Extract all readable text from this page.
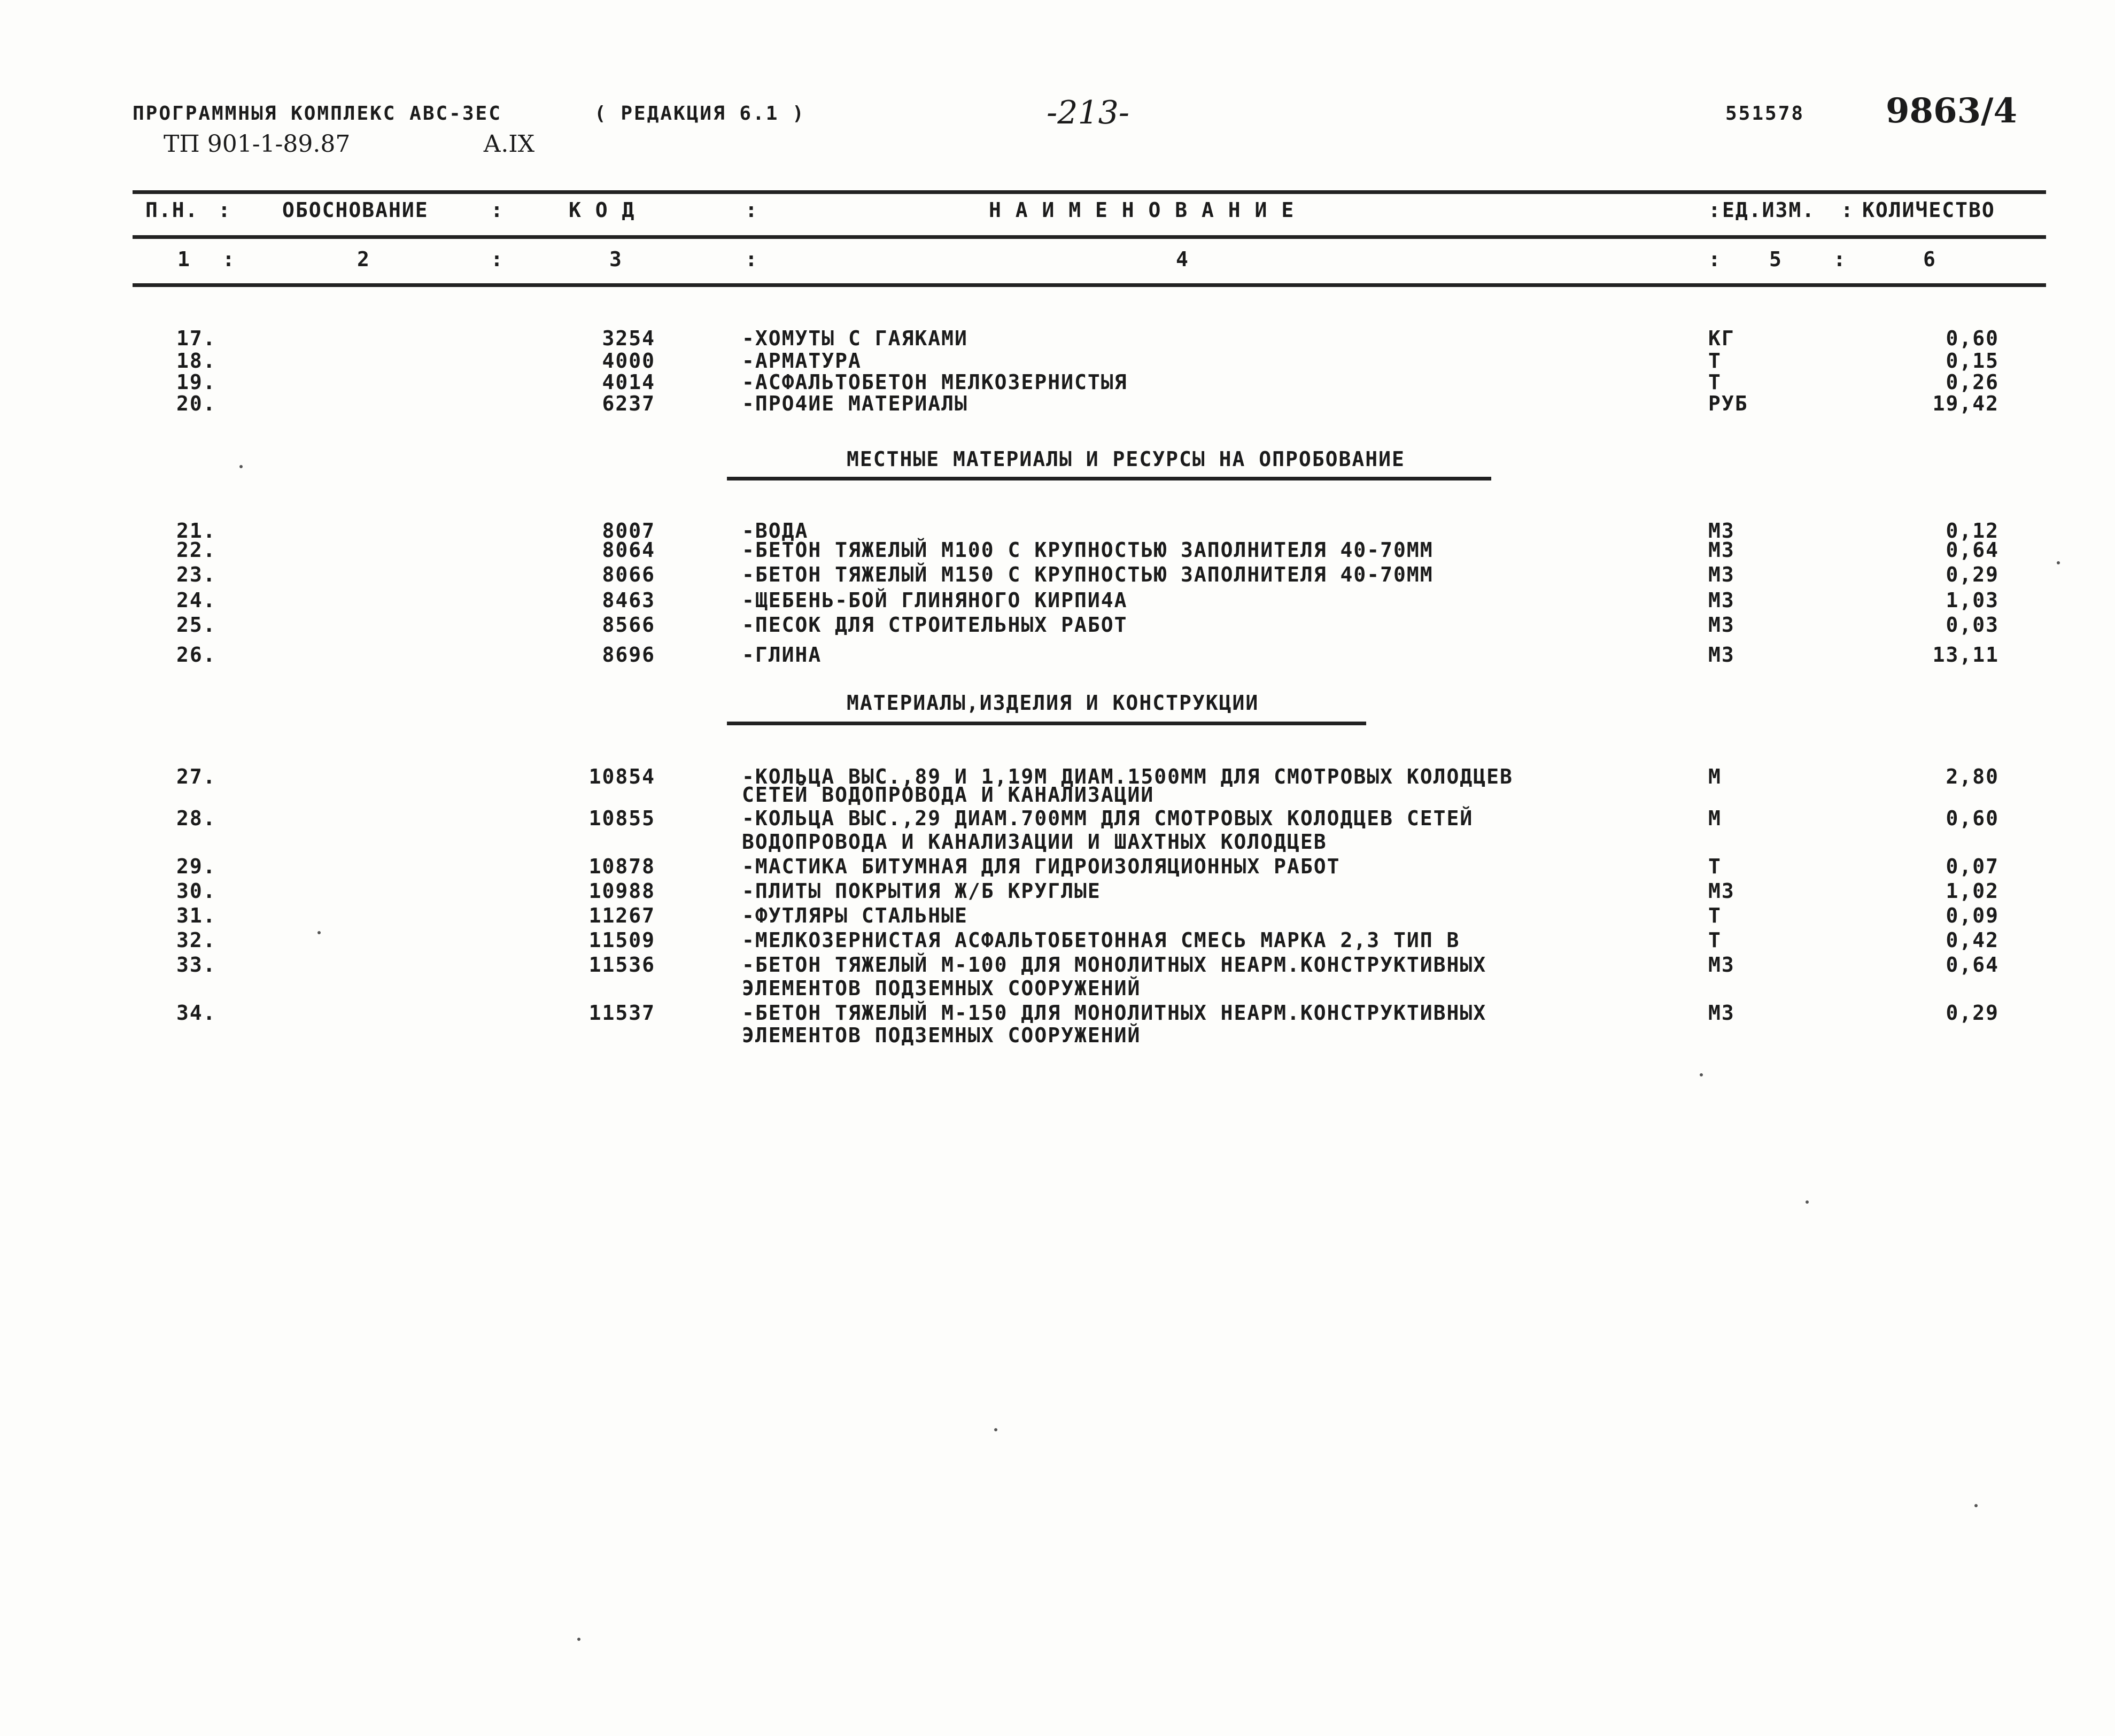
ПРОГРАММНЫЯ КОМПЛЕКС АВС-3ЕС	( РЕДАКЦИЯ 6.1 )	-213-	551578 9863/4
ТП 901-1-89.87	А.IX
П.Н. :	ОБОСНОВАНИЕ	:	К О Д	:	Н А И М Е Н О В А Н И Е	: ЕД.ИЗМ. : КОЛИЧЕСТВО
1 :	2	:	3	:	4	: 5	:	6
17.	3254	-ХОМУТЫ С ГАЯКАМИ	КГ	0,60
18.	4000	-АРМАТУРА	Т	0,15
19.	4014	-АСФАЛЬТОБЕТОН МЕЛКОЗЕРНИСТЫЯ	Т	0,26
20.	6237	-ПРО4ИЕ МАТЕРИАЛЫ	РУБ	19,42
МЕСТНЫЕ МАТЕРИАЛЫ И РЕСУРСЫ НА ОПРОБОВАНИЕ
21.	8007	-ВОДА	М3	0,12
22.	8064	-БЕТОН ТЯЖЕЛЫЙ М100 С КРУПНОСТЬЮ ЗАПОЛНИТЕЛЯ 40-70ММ	М3	0,64
23.	8066	-БЕТОН ТЯЖЕЛЫЙ М150 С КРУПНОСТЬЮ ЗАПОЛНИТЕЛЯ 40-70ММ	М3	0,29
24.	8463	-ЩЕБЕНЬ-БОЙ ГЛИНЯНОГО КИРПИ4А	М3	1,03
25.	8566	-ПЕСОК ДЛЯ СТРОИТЕЛЬНЫХ РАБОТ	М3	0,03
26.	8696	-ГЛИНА	М3	13,11
МАТЕРИАЛЫ,ИЗДЕЛИЯ И КОНСТРУКЦИИ
27.	10854	-КОЛЬЦА ВЫС.,89 И 1,19М ДИАМ.1500ММ ДЛЯ СМОТРОВЫХ КОЛОДЦЕВ
СЕТЕЙ ВОДОПРОВОДА И КАНАЛИЗАЦИИ
М	2,80
28.	10855	-КОЛЬЦА ВЫС.,29 ДИАМ.700ММ ДЛЯ СМОТРОВЫХ КОЛОДЦЕВ СЕТЕЙ
ВОДОПРОВОДА И КАНАЛИЗАЦИИ И ШАХТНЫХ КОЛОДЦЕВ
М	0,60
29.	10878	-МАСТИКА БИТУМНАЯ ДЛЯ ГИДРОИЗОЛЯЦИОННЫХ РАБОТ	Т	0,07
30.	10988	-ПЛИТЫ ПОКРЫТИЯ Ж/Б КРУГЛЫЕ	М3	1,02
31.	11267	-ФУТЛЯРЫ СТАЛЬНЫЕ	Т	0,09
32.	11509	-МЕЛКОЗЕРНИСТАЯ АСФАЛЬТОБЕТОННАЯ СМЕСЬ МАРКА 2,3 ТИП В	Т	0,42
33.	11536	-БЕТОН ТЯЖЕЛЫЙ М-100 ДЛЯ МОНОЛИТНЫХ НЕАРМ.КОНСТРУКТИВНЫХ
ЭЛЕМЕНТОВ ПОДЗЕМНЫХ СООРУЖЕНИЙ
М3	0,64
34.	11537	-БЕТОН ТЯЖЕЛЫЙ М-150 ДЛЯ МОНОЛИТНЫХ НЕАРМ.КОНСТРУКТИВНЫХ
ЭЛЕМЕНТОВ ПОДЗЕМНЫХ СООРУЖЕНИЙ
М3	0,29
